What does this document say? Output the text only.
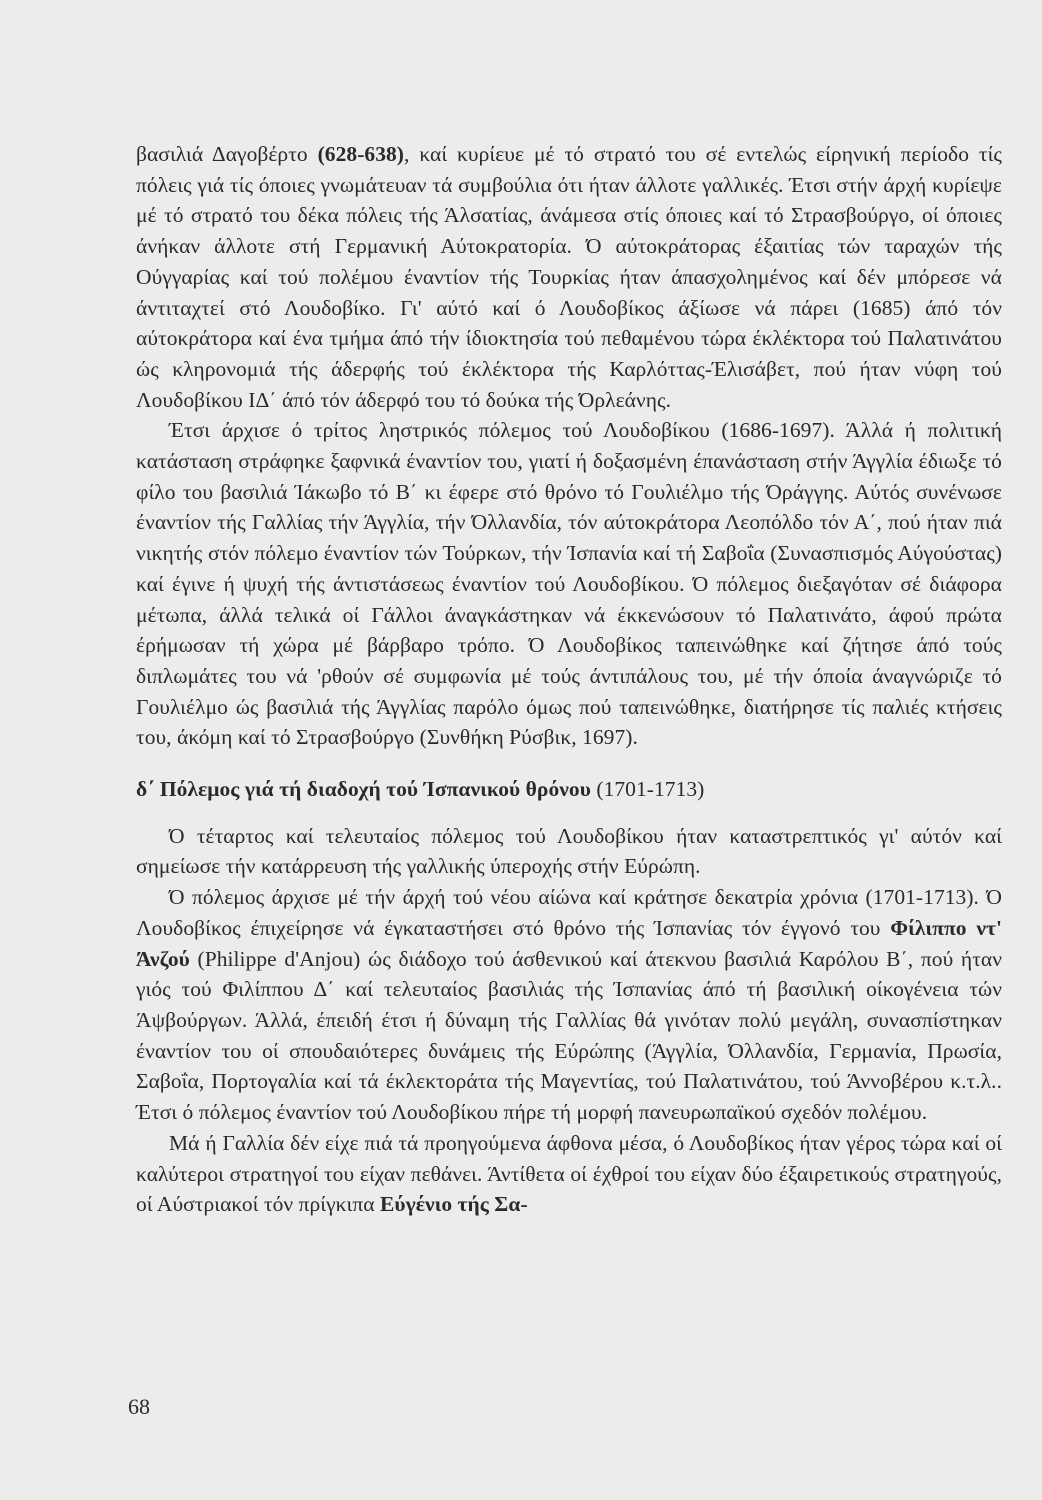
βασιλιά Δαγοβέρτο (628-638), καί κυρίευε μέ τό στρατό του σέ εντελώς είρηνική περίοδο τίς πόλεις γιά τίς όποιες γνωμάτευαν τά συμβούλια ότι ήταν άλλοτε γαλλικές. Έτσι στήν άρχή κυρίεψε μέ τό στρατό του δέκα πόλεις τής Άλσατίας, άνάμεσα στίς όποιες καί τό Στρασβούργο, οί όποιες άνήκαν άλλοτε στή Γερμανική Αύτοκρατορία. Ό αύτοκράτορας έξαιτίας τών ταραχών τής Ούγγαρίας καί τού πολέμου έναντίον τής Τουρκίας ήταν άπασχολημένος καί δέν μπόρεσε νά άντιταχτεί στό Λουδοβίκο. Γι' αύτό καί ό Λουδοβίκος άξίωσε νά πάρει (1685) άπό τόν αύτοκράτορα καί ένα τμήμα άπό τήν ίδιοκτησία τού πεθαμένου τώρα έκλέκτορα τού Παλατινάτου ώς κληρονομιά τής άδερφής τού έκλέκτορα τής Καρλόττας-Έλισάβετ, πού ήταν νύφη τού Λουδοβίκου ΙΔ΄ άπό τόν άδερφό του τό δούκα τής Όρλεάνης.

Έτσι άρχισε ό τρίτος ληστρικός πόλεμος τού Λουδοβίκου (1686-1697). Άλλά ή πολιτική κατάσταση στράφηκε ξαφνικά έναντίον του, γιατί ή δοξασμένη έπανάσταση στήν Άγγλία έδιωξε τό φίλο του βασιλιά Ίάκωβο τό Β΄ κι έφερε στό θρόνο τό Γουλιέλμο τής Όράγγης. Αύτός συνένωσε έναντίον τής Γαλλίας τήν Άγγλία, τήν Όλλανδία, τόν αύτοκράτορα Λεοπόλδο τόν Α΄, πού ήταν πιά νικητής στόν πόλεμο έναντίον τών Τούρκων, τήν Ίσπανία καί τή Σαβοΐα (Συνασπισμός Αύγούστας) καί έγινε ή ψυχή τής άντιστάσεως έναντίον τού Λουδοβίκου. Ό πόλεμος διεξαγόταν σέ διάφορα μέτωπα, άλλά τελικά οί Γάλλοι άναγκάστηκαν νά έκκενώσουν τό Παλατινάτο, άφού πρώτα έρήμωσαν τή χώρα μέ βάρβαρο τρόπο. Ό Λουδοβίκος ταπεινώθηκε καί ζήτησε άπό τούς διπλωμάτες του νά 'ρθούν σέ συμφωνία μέ τούς άντιπάλους του, μέ τήν όποία άναγνώριζε τό Γουλιέλμο ώς βασιλιά τής Άγγλίας παρόλο όμως πού ταπεινώθηκε, διατήρησε τίς παλιές κτήσεις του, άκόμη καί τό Στρασβούργο (Συνθήκη Ρύσβικ, 1697).

δ΄ Πόλεμος γιά τή διαδοχή τού Ίσπανικού θρόνου (1701-1713)

Ό τέταρτος καί τελευταίος πόλεμος τού Λουδοβίκου ήταν καταστρεπτικός γι' αύτόν καί σημείωσε τήν κατάρρευση τής γαλλικής ύπεροχής στήν Εύρώπη.

Ό πόλεμος άρχισε μέ τήν άρχή τού νέου αίώνα καί κράτησε δεκατρία χρόνια (1701-1713). Ό Λουδοβίκος έπιχείρησε νά έγκαταστήσει στό θρόνο τής Ίσπανίας τόν έγγονό του Φίλιππο ντ' Άνζού (Philippe d'Anjou) ώς διάδοχο τού άσθενικού καί άτεκνου βασιλιά Καρόλου Β΄, πού ήταν γιός τού Φιλίππου Δ΄ καί τελευταίος βασιλιάς τής Ίσπανίας άπό τή βασιλική οίκογένεια τών Άψβούργων. Άλλά, έπειδή έτσι ή δύναμη τής Γαλλίας θά γινόταν πολύ μεγάλη, συνασπίστηκαν έναντίον του οί σπουδαιότερες δυνάμεις τής Εύρώπης (Άγγλία, Όλλανδία, Γερμανία, Πρωσία, Σαβοΐα, Πορτογαλία καί τά έκλεκτοράτα τής Μαγεντίας, τού Παλατινάτου, τού Άννοβέρου κ.τ.λ.. Έτσι ό πόλεμος έναντίον τού Λουδοβίκου πήρε τή μορφή πανευρωπαϊκού σχεδόν πολέμου.

Μά ή Γαλλία δέν είχε πιά τά προηγούμενα άφθονα μέσα, ό Λουδοβίκος ήταν γέρος τώρα καί οί καλύτεροι στρατηγοί του είχαν πεθάνει. Άντίθετα οί έχθροί του είχαν δύο έξαιρετικούς στρατηγούς, οί Αύστριακοί τόν πρίγκιπα Εύγένιο τής Σα-

68
